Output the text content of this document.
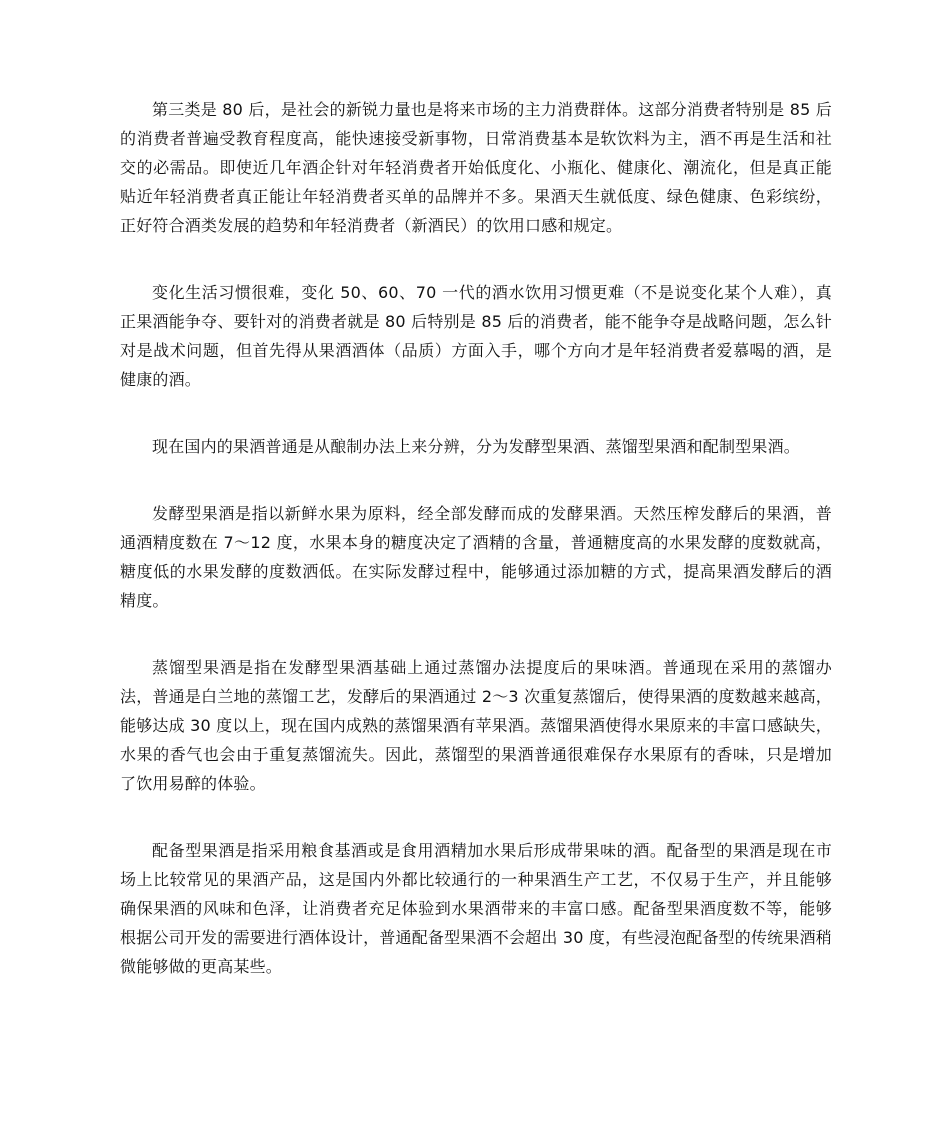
第三类是 80 后，是社会的新锐力量也是将来市场的主力消费群体。这部分消费者特别是 85 后的消费者普遍受教育程度高，能快速接受新事物，日常消费基本是软饮料为主，酒不再是生活和社交的必需品。即使近几年酒企针对年轻消费者开始低度化、小瓶化、健康化、潮流化，但是真正能贴近年轻消费者真正能让年轻消费者买单的品牌并不多。果酒天生就低度、绿色健康、色彩缤纷，正好符合酒类发展的趋势和年轻消费者（新酒民）的饮用口感和规定。

变化生活习惯很难，变化 50、60、70 一代的酒水饮用习惯更难（不是说变化某个人难），真正果酒能争夺、要针对的消费者就是 80 后特别是 85 后的消费者，能不能争夺是战略问题，怎么针对是战术问题，但首先得从果酒酒体（品质）方面入手，哪个方向才是年轻消费者爱慕喝的酒，是健康的酒。

现在国内的果酒普通是从酿制办法上来分辨，分为发酵型果酒、蒸馏型果酒和配制型果酒。

发酵型果酒是指以新鲜水果为原料，经全部发酵而成的发酵果酒。天然压榨发酵后的果酒，普通酒精度数在 7～12 度，水果本身的糖度决定了酒精的含量，普通糖度高的水果发酵的度数就高，糖度低的水果发酵的度数洒低。在实际发酵过程中，能够通过添加糖的方式，提高果酒发酵后的酒精度。

蒸馏型果酒是指在发酵型果酒基础上通过蒸馏办法提度后的果味酒。普通现在采用的蒸馏办法，普通是白兰地的蒸馏工艺，发酵后的果酒通过 2～3 次重复蒸馏后，使得果酒的度数越来越高，能够达成 30 度以上，现在国内成熟的蒸馏果酒有苹果酒。蒸馏果酒使得水果原来的丰富口感缺失，水果的香气也会由于重复蒸馏流失。因此，蒸馏型的果酒普通很难保存水果原有的香味，只是增加了饮用易醉的体验。

配备型果酒是指采用粮食基酒或是食用酒精加水果后形成带果味的酒。配备型的果酒是现在市场上比较常见的果酒产品，这是国内外都比较通行的一种果酒生产工艺，不仅易于生产，并且能够确保果酒的风味和色泽，让消费者充足体验到水果酒带来的丰富口感。配备型果酒度数不等，能够根据公司开发的需要进行酒体设计，普通配备型果酒不会超出 30 度，有些浸泡配备型的传统果酒稍微能够做的更高某些。
